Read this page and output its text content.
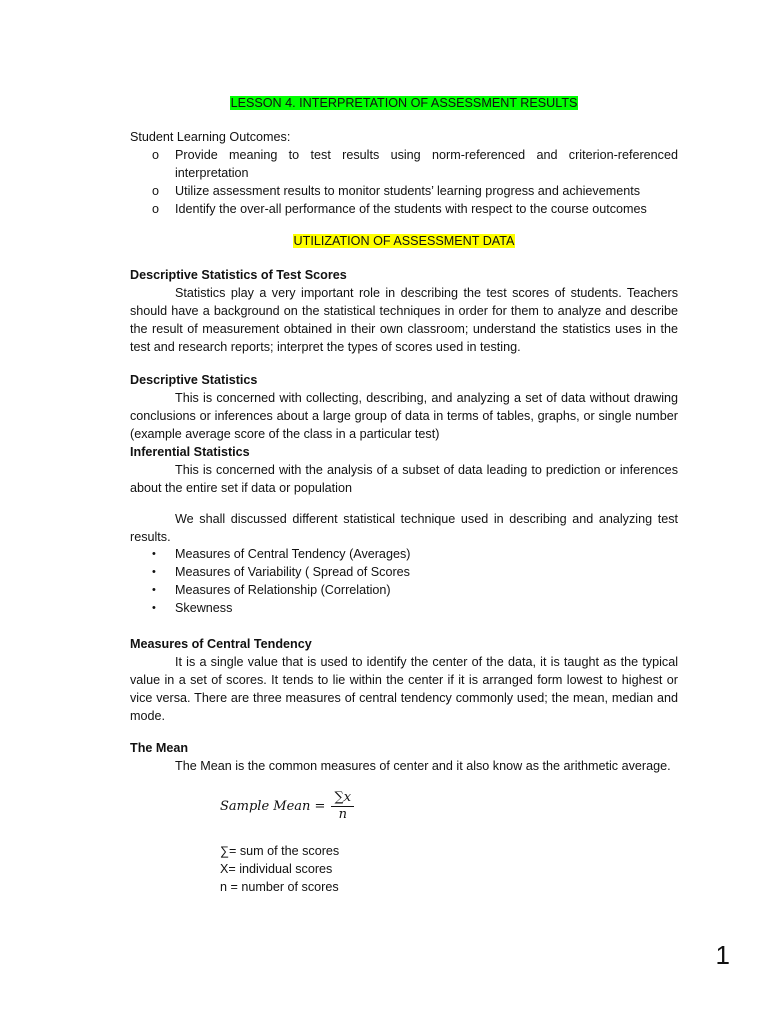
LESSON 4. INTERPRETATION OF ASSESSMENT RESULTS
Student Learning Outcomes:
o Provide meaning to test results using norm-referenced and criterion-referenced interpretation
o Utilize assessment results to monitor students’ learning progress and achievements
o Identify the over-all performance of the students with respect to the course outcomes
UTILIZATION OF ASSESSMENT DATA
Descriptive Statistics of Test Scores
Statistics play a very important role in describing the test scores of students. Teachers should have a background on the statistical techniques in order for them to analyze and describe the result of measurement obtained in their own classroom; understand the statistics uses in the test and research reports; interpret the types of scores used in testing.
Descriptive Statistics
This is concerned with collecting, describing, and analyzing a set of data without drawing conclusions or inferences about a large group of data in terms of tables, graphs, or single number (example average score of the class in a particular test)
Inferential Statistics
This is concerned with the analysis of a subset of data leading to prediction or inferences about the entire set if data or population
We shall discussed different statistical technique used in describing and analyzing test results.
• Measures of Central Tendency (Averages)
• Measures of Variability ( Spread of Scores
• Measures of Relationship (Correlation)
• Skewness
Measures of Central Tendency
It is a single value that is used to identify the center of the data, it is taught as the typical value in a set of scores. It tends to lie within the center if it is arranged form lowest to highest or vice versa. There are three measures of central tendency commonly used; the mean, median and mode.
The Mean
The Mean is the common measures of center and it also know as the arithmetic average.
Sample Mean = $\frac{\sum x}{n}$
∑= sum of the scores
X= individual scores
n = number of scores
1
